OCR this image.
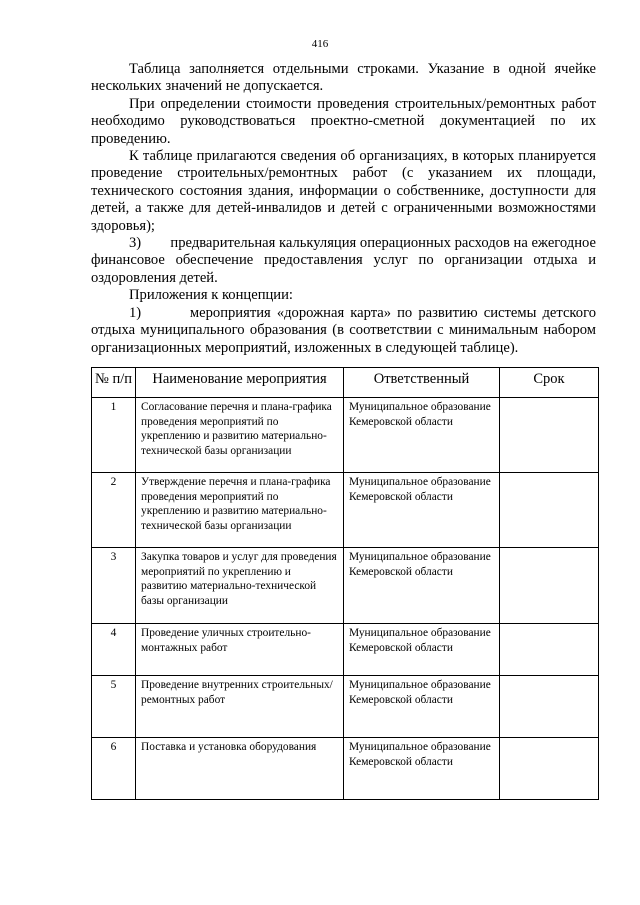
416

Таблица заполняется отдельными строками. Указание в одной ячейке нескольких значений не допускается.

При определении стоимости проведения строительных/ремонтных работ необходимо руководствоваться проектно-сметной документацией по их проведению.

К таблице прилагаются сведения об организациях, в которых планируется проведение строительных/ремонтных работ (с указанием их площади, технического состояния здания, информации о собственнике, доступности для детей, а также для детей-инвалидов и детей с ограниченными возможностями здоровья);

3)        предварительная калькуляция операционных расходов на ежегодное финансовое обеспечение предоставления услуг по организации отдыха и оздоровления детей.

Приложения к концепции:

1)        мероприятия «дорожная карта» по развитию системы детского отдыха муниципального образования (в соответствии с минимальным набором организационных мероприятий, изложенных в следующей таблице).

№ п/п	Наименование мероприятия	Ответственный	Срок
1	Согласование перечня и плана-графика проведения мероприятий по укреплению и развитию материально-технической базы организации	Муниципальное образование Кемеровской области	
2	Утверждение перечня и плана-графика проведения мероприятий по укреплению и развитию материально-технической базы организации	Муниципальное образование Кемеровской области	
3	Закупка товаров и услуг для проведения мероприятий по укреплению и развитию материально-технической базы организации	Муниципальное образование Кемеровской области	
4	Проведение уличных строительно-монтажных работ	Муниципальное образование Кемеровской области	
5	Проведение внутренних строительных/ремонтных работ	Муниципальное образование Кемеровской области	
6	Поставка и установка оборудования	Муниципальное образование Кемеровской области	
